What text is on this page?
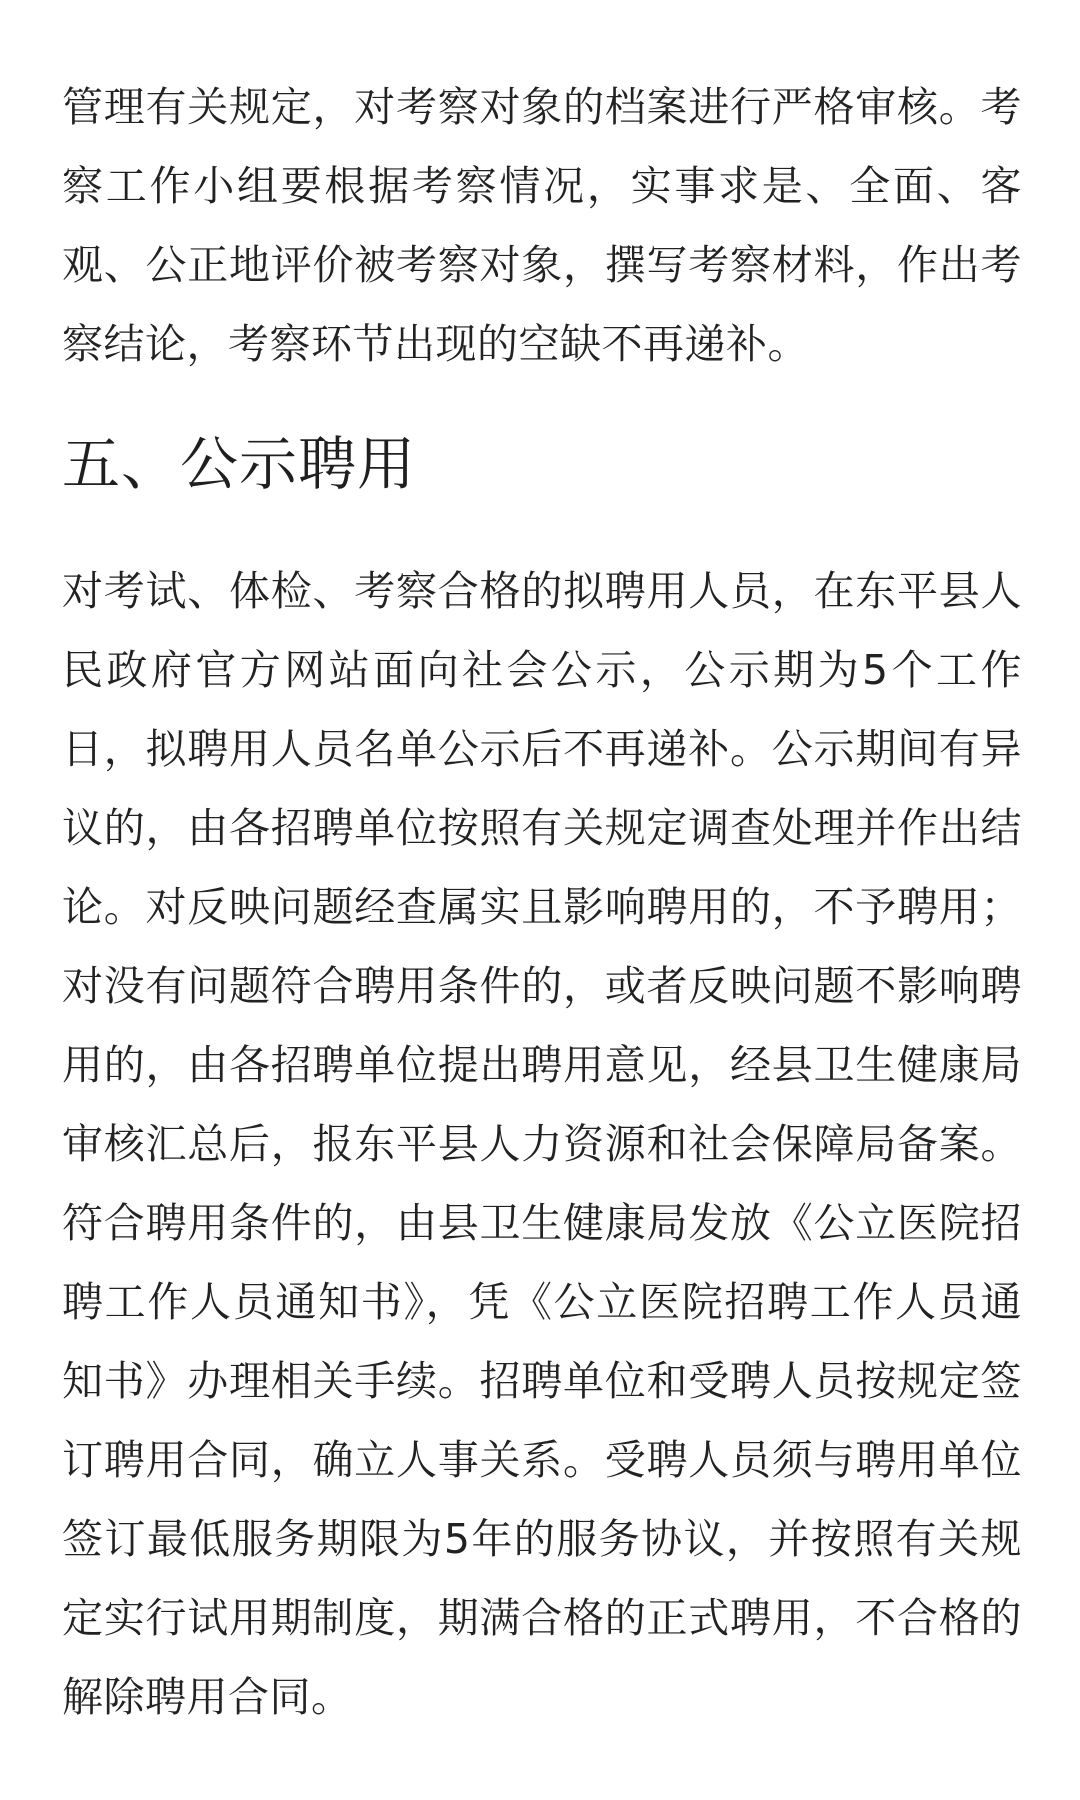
管理有关规定，对考察对象的档案进行严格审核。考察工作小组要根据考察情况，实事求是、全面、客观、公正地评价被考察对象，撰写考察材料，作出考察结论，考察环节出现的空缺不再递补。

五、公示聘用

对考试、体检、考察合格的拟聘用人员，在东平县人民政府官方网站面向社会公示，公示期为5个工作日，拟聘用人员名单公示后不再递补。公示期间有异议的，由各招聘单位按照有关规定调查处理并作出结论。对反映问题经查属实且影响聘用的，不予聘用；对没有问题符合聘用条件的，或者反映问题不影响聘用的，由各招聘单位提出聘用意见，经县卫生健康局审核汇总后，报东平县人力资源和社会保障局备案。符合聘用条件的，由县卫生健康局发放《公立医院招聘工作人员通知书》，凭《公立医院招聘工作人员通知书》办理相关手续。招聘单位和受聘人员按规定签订聘用合同，确立人事关系。受聘人员须与聘用单位签订最低服务期限为5年的服务协议，并按照有关规定实行试用期制度，期满合格的正式聘用，不合格的解除聘用合同。
